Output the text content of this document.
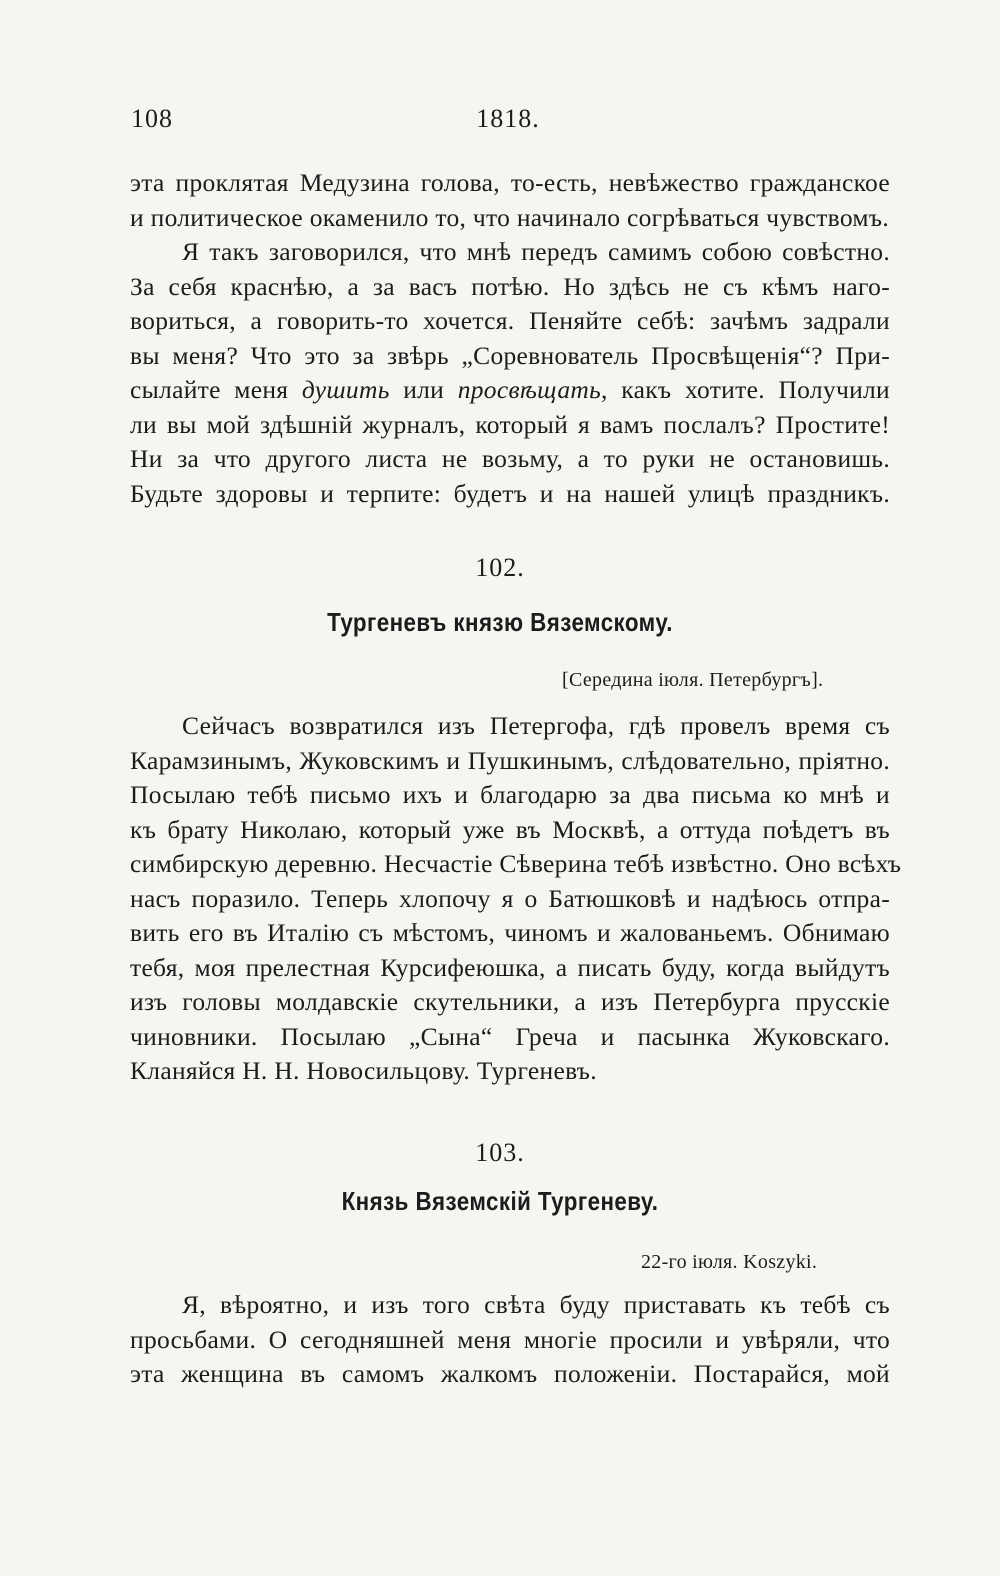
108	1818.
эта проклятая Медузина голова, то-есть, невѣжество гражданское
и политическое окаменило то, что начинало согрѣваться чувствомъ.
Я такъ заговорился, что мнѣ передъ самимъ собою совѣстно.
За себя краснѣю, а за васъ потѣю. Но здѣсь не съ кѣмъ наго-
вориться, а говорить-то хочется. Пеняйте себѣ: зачѣмъ задрали
вы меня? Что это за звѣрь „Соревнователь Просвѣщенія“? При-
сылайте меня душить или просвѣщать, какъ хотите. Получили
ли вы мой здѣшній журналъ, который я вамъ послалъ? Простите!
Ни за что другого листа не возьму, а то руки не остановишь.
Будьте здоровы и терпите: будетъ и на нашей улицѣ праздникъ.
102.
Тургеневъ князю Вяземскому.
[Середина іюля. Петербургъ].
Сейчасъ возвратился изъ Петергофа, гдѣ провелъ время съ
Карамзинымъ, Жуковскимъ и Пушкинымъ, слѣдовательно, пріятно.
Посылаю тебѣ письмо ихъ и благодарю за два письма ко мнѣ и
къ брату Николаю, который уже въ Москвѣ, а оттуда поѣдетъ въ
симбирскую деревню. Несчастіе Сѣверина тебѣ извѣстно. Оно всѣхъ
насъ поразило. Теперь хлопочу я о Батюшковѣ и надѣюсь отпра-
вить его въ Италію съ мѣстомъ, чиномъ и жалованьемъ. Обнимаю
тебя, моя прелестная Курсифеюшка, а писать буду, когда выйдутъ
изъ головы молдавскіе скутельники, а изъ Петербурга прусскіе
чиновники. Посылаю „Сына“ Греча и пасынка Жуковскаго.
Кланяйся Н. Н. Новосильцову. Тургеневъ.
103.
Князь Вяземскій Тургеневу.
22-го іюля. Koszyki.
Я, вѣроятно, и изъ того свѣта буду приставать къ тебѣ съ
просьбами. О сегодняшней меня многіе просили и увѣряли, что
эта женщина въ самомъ жалкомъ положеніи. Постарайся, мой
